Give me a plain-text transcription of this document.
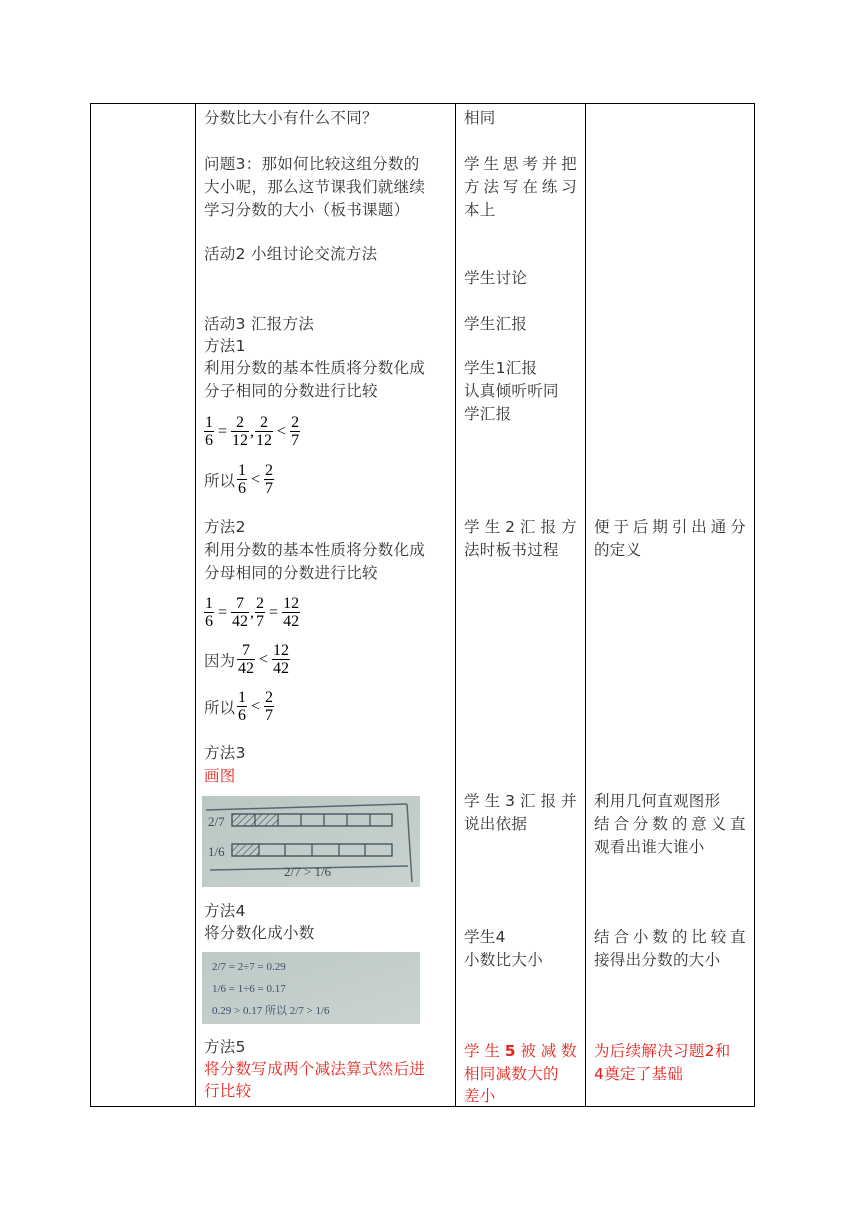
分数比大小有什么不同？
问题3：那如何比较这组分数的
大小呢，那么这节课我们就继续
学习分数的大小（板书课题）
活动2 小组讨论交流方法
活动3 汇报方法
方法1
利用分数的基本性质将分数化成
分子相同的分数进行比较
$\frac{1}{6} = \frac{2}{12}$ , $\frac{2}{12} < \frac{2}{7}$
所以 $\frac{1}{6} < \frac{2}{7}$
方法2
利用分数的基本性质将分数化成
分母相同的分数进行比较
$\frac{1}{6} = \frac{7}{42}$ , $\frac{2}{7} = \frac{12}{42}$
因为 $\frac{7}{42} < \frac{12}{42}$
所以 $\frac{1}{6} < \frac{2}{7}$
方法3
画图
2/7
1/6
2/7 > 1/6
方法4
将分数化成小数
2/7 = 2÷7 = 0.29
1/6 = 1÷6 = 0.17
0.29 > 0.17 所以 2/7 > 1/6
方法5
将分数写成两个减法算式然后进
行比较
相同
学 生 思 考 并 把
方 法 写 在 练 习
本上
学生讨论
学生汇报
学生1汇报
认真倾听听同
学汇报
学 生 2 汇 报 方
法时板书过程
学 生 3 汇 报 并
说出依据
学生4
小数比大小
学 生 5 被 减 数
相同减数大的
差小
便 于 后 期 引 出 通 分
的定义
利用几何直观图形
结 合 分 数 的 意 义 直
观看出谁大谁小
结 合 小 数 的 比 较 直
接得出分数的大小
为后续解决习题2和
4奠定了基础
